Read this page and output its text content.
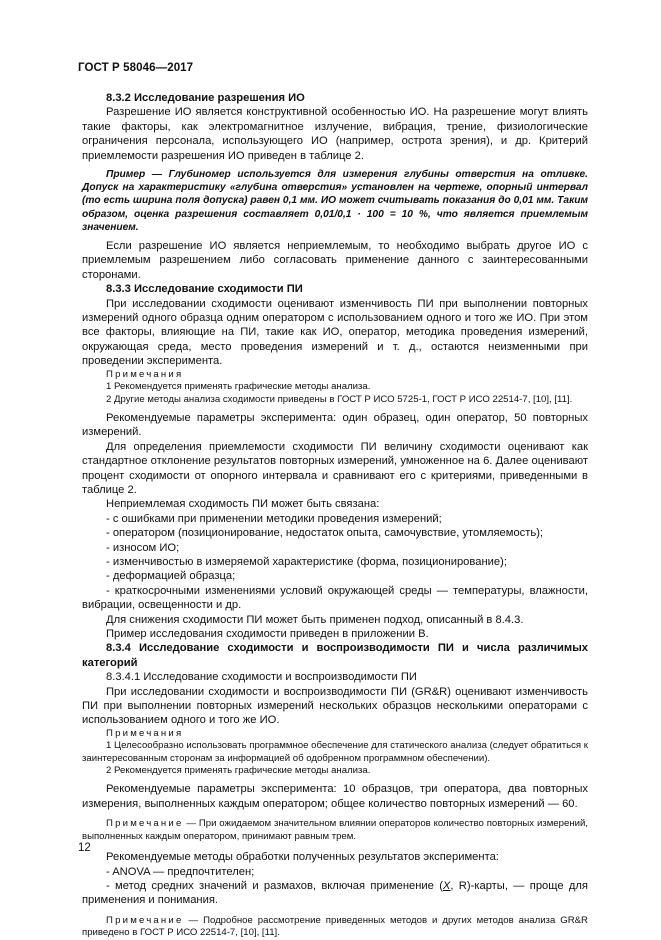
ГОСТ Р 58046—2017

8.3.2 Исследование разрешения ИО

Разрешение ИО является конструктивной особенностью ИО. На разрешение могут влиять такие факторы, как электромагнитное излучение, вибрация, трение, физиологические ограничения персонала, использующего ИО (например, острота зрения), и др. Критерий приемлемости разрешения ИО приведен в таблице 2.

Пример — Глубиномер используется для измерения глубины отверстия на отливке. Допуск на характеристику «глубина отверстия» установлен на чертеже, опорный интервал (то есть ширина поля допуска) равен 0,1 мм. ИО может считывать показания до 0,01 мм. Таким образом, оценка разрешения составляет 0,01/0,1 · 100 = 10 %, что является приемлемым значением.

Если разрешение ИО является неприемлемым, то необходимо выбрать другое ИО с приемлемым разрешением либо согласовать применение данного с заинтересованными сторонами.

8.3.3 Исследование сходимости ПИ

При исследовании сходимости оценивают изменчивость ПИ при выполнении повторных измерений одного образца одним оператором с использованием одного и того же ИО. При этом все факторы, влияющие на ПИ, такие как ИО, оператор, методика проведения измерений, окружающая среда, место проведения измерений и т. д., остаются неизменными при проведении эксперимента.

Примечания

1 Рекомендуется применять графические методы анализа.

2 Другие методы анализа сходимости приведены в ГОСТ Р ИСО 5725-1, ГОСТ Р ИСО 22514-7, [10], [11].

Рекомендуемые параметры эксперимента: один образец, один оператор, 50 повторных измерений.

Для определения приемлемости сходимости ПИ величину сходимости оценивают как стандартное отклонение результатов повторных измерений, умноженное на 6. Далее оценивают процент сходимости от опорного интервала и сравнивают его с критериями, приведенными в таблице 2.

Неприемлемая сходимость ПИ может быть связана:

- с ошибками при применении методики проведения измерений;

- оператором (позиционирование, недостаток опыта, самочувствие, утомляемость);

- износом ИО;

- изменчивостью в измеряемой характеристике (форма, позиционирование);

- деформацией образца;

- краткосрочными изменениями условий окружающей среды — температуры, влажности, вибрации, освещенности и др.

Для снижения сходимости ПИ может быть применен подход, описанный в 8.4.3.

Пример исследования сходимости приведен в приложении В.

8.3.4 Исследование сходимости и воспроизводимости ПИ и числа различимых категорий

8.3.4.1 Исследование сходимости и воспроизводимости ПИ

При исследовании сходимости и воспроизводимости ПИ (GR&R) оценивают изменчивость ПИ при выполнении повторных измерений нескольких образцов несколькими операторами с использованием одного и того же ИО.

Примечания

1 Целесообразно использовать программное обеспечение для статического анализа (следует обратиться к заинтересованным сторонам за информацией об одобренном программном обеспечении).

2 Рекомендуется применять графические методы анализа.

Рекомендуемые параметры эксперимента: 10 образцов, три оператора, два повторных измерения, выполненных каждым оператором; общее количество повторных измерений — 60.

Примечание — При ожидаемом значительном влиянии операторов количество повторных измерений, выполненных каждым оператором, принимают равным трем.

Рекомендуемые методы обработки полученных результатов эксперимента:

- ANOVA — предпочтителен;

- метод средних значений и размахов, включая применение (X, R)-карты, — проще для применения и понимания.

Примечание — Подробное рассмотрение приведенных методов и других методов анализа GR&R приведено в ГОСТ Р ИСО 22514-7, [10], [11].

12
